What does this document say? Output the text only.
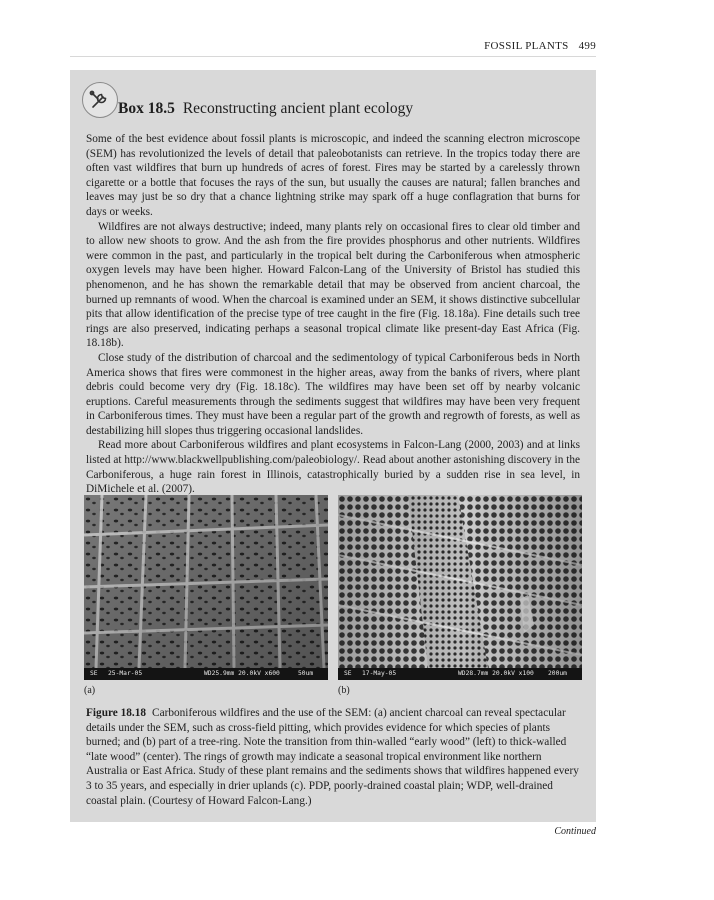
FOSSIL PLANTS 499
Box 18.5 Reconstructing ancient plant ecology

Some of the best evidence about fossil plants is microscopic, and indeed the scanning electron microscope (SEM) has revolutionized the levels of detail that paleobotanists can retrieve. In the tropics today there are often vast wildfires that burn up hundreds of acres of forest. Fires may be started by a carelessly thrown cigarette or a bottle that focuses the rays of the sun, but usually the causes are natural; fallen branches and leaves may just be so dry that a chance lightning strike may spark off a huge conflagration that burns for days or weeks.

Wildfires are not always destructive; indeed, many plants rely on occasional fires to clear old timber and to allow new shoots to grow. And the ash from the fire provides phosphorus and other nutrients. Wildfires were common in the past, and particularly in the tropical belt during the Carboniferous when atmospheric oxygen levels may have been higher. Howard Falcon-Lang of the University of Bristol has studied this phenomenon, and he has shown the remarkable detail that may be observed from ancient charcoal, the burned up remnants of wood. When the charcoal is examined under an SEM, it shows distinctive subcellular pits that allow identification of the precise type of tree caught in the fire (Fig. 18.18a). Fine details such tree rings are also preserved, indicating perhaps a seasonal tropical climate like present-day East Africa (Fig. 18.18b).

Close study of the distribution of charcoal and the sedimentology of typical Carboniferous beds in North America shows that fires were commonest in the higher areas, away from the banks of rivers, where plant debris could become very dry (Fig. 18.18c). The wildfires may have been set off by nearby volcanic eruptions. Careful measurements through the sediments suggest that wildfires may have been very frequent in Carboniferous times. They must have been a regular part of the growth and regrowth of forests, as well as destabilizing hill slopes thus triggering occasional landslides.

Read more about Carboniferous wildfires and plant ecosystems in Falcon-Lang (2000, 2003) and at links listed at http://www.blackwellpublishing.com/paleobiology/. Read about another astonishing discovery in the Carboniferous, a huge rain forest in Illinois, catastrophically buried by a sudden rise in sea level, in DiMichele et al. (2007).

SE 25-Mar-05	WD25.9mm 20.0kV x600	50um	SE 17-May-05	WD28.7mm 20.0kV x100 200um
(a)	(b)
Figure 18.18 Carboniferous wildfires and the use of the SEM: (a) ancient charcoal can reveal spectacular details under the SEM, such as cross-field pitting, which provides evidence for which species of plants burned; and (b) part of a tree-ring. Note the transition from thin-walled “early wood” (left) to thick-walled “late wood” (center). The rings of growth may indicate a seasonal tropical environment like northern Australia or East Africa. Study of these plant remains and the sediments shows that wildfires happened every 3 to 35 years, and especially in drier uplands (c). PDP, poorly-drained coastal plain; WDP, well-drained coastal plain. (Courtesy of Howard Falcon-Lang.)
Continued
